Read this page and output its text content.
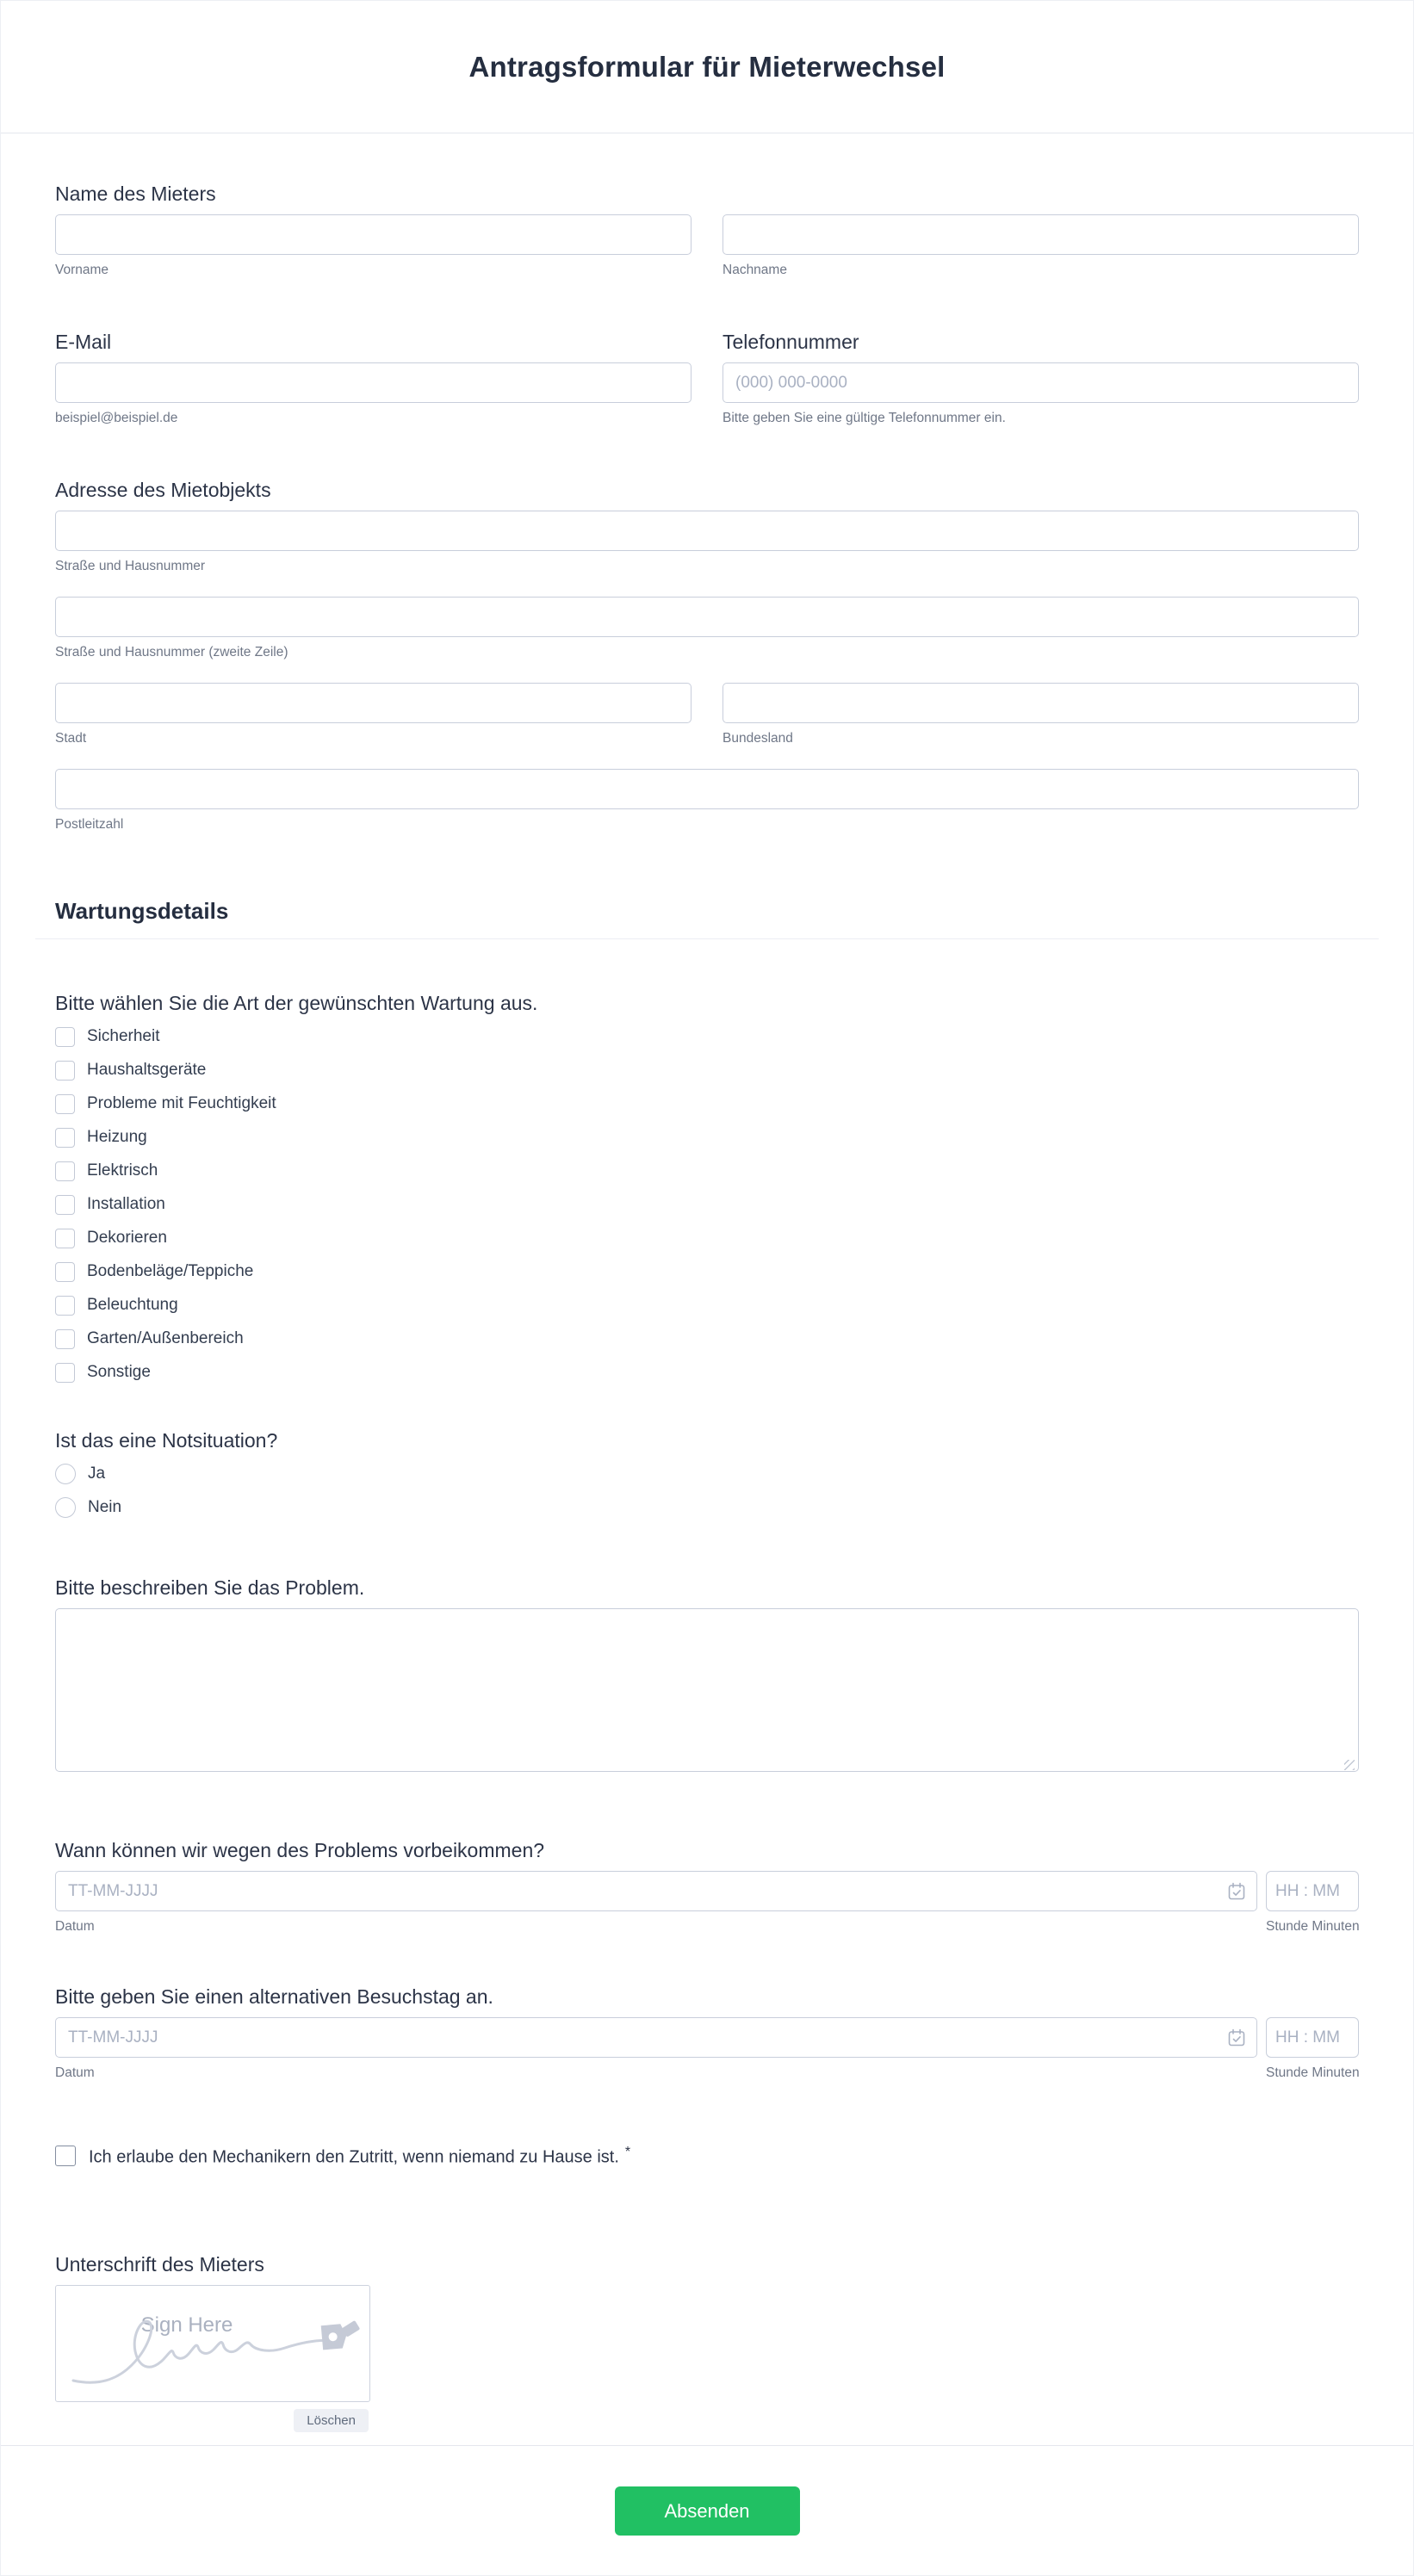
Antragsformular für Mieterwechsel
Name des Mieters
Vorname	Nachname
E-Mail
beispiel@beispiel.de
Telefonnummer
(000) 000-0000
Bitte geben Sie eine gültige Telefonnummer ein.
Adresse des Mietobjekts
Straße und Hausnummer
Straße und Hausnummer (zweite Zeile)
Stadt	Bundesland
Postleitzahl
Wartungsdetails
Bitte wählen Sie die Art der gewünschten Wartung aus.
Sicherheit
Haushaltsgeräte
Probleme mit Feuchtigkeit
Heizung
Elektrisch
Installation
Dekorieren
Bodenbeläge/Teppiche
Beleuchtung
Garten/Außenbereich
Sonstige
Ist das eine Notsituation?
Ja
Nein
Bitte beschreiben Sie das Problem.
Wann können wir wegen des Problems vorbeikommen?
TT-MM-JJJJ
HH : MM
Datum	Stunde Minuten
Bitte geben Sie einen alternativen Besuchstag an.
TT-MM-JJJJ
HH : MM
Datum	Stunde Minuten
Ich erlaube den Mechanikern den Zutritt, wenn niemand zu Hause ist. *
Unterschrift des Mieters
Sign Here
Löschen
Absenden
